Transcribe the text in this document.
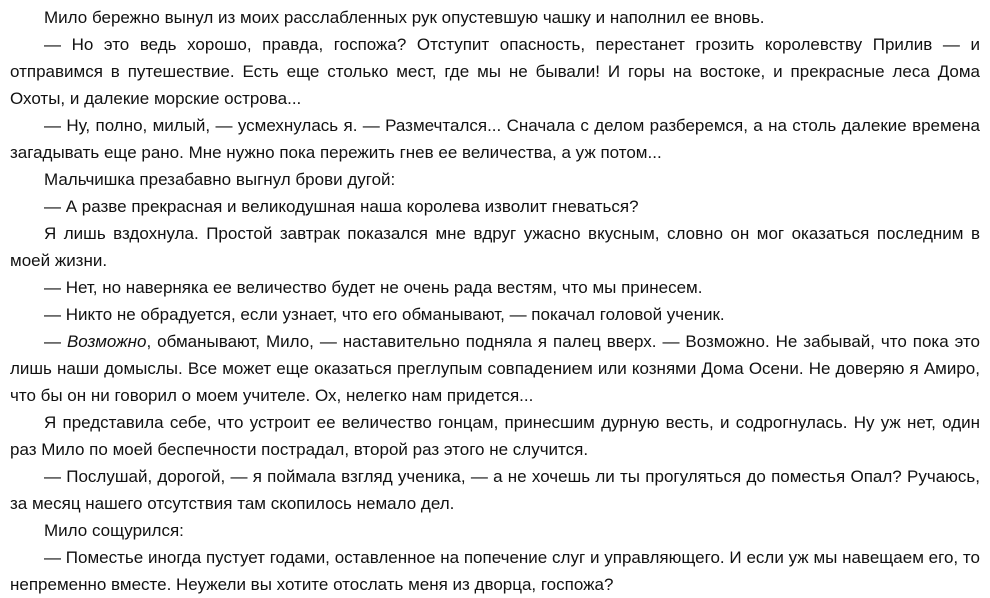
Мило бережно вынул из моих расслабленных рук опустевшую чашку и наполнил ее вновь.

— Но это ведь хорошо, правда, госпожа? Отступит опасность, перестанет грозить королевству Прилив — и отправимся в путешествие. Есть еще столько мест, где мы не бывали! И горы на востоке, и прекрасные леса Дома Охоты, и далекие морские острова...

— Ну, полно, милый, — усмехнулась я. — Размечтался... Сначала с делом разберемся, а на столь далекие времена загадывать еще рано. Мне нужно пока пережить гнев ее величества, а уж потом...

Мальчишка презабавно выгнул брови дугой:

— А разве прекрасная и великодушная наша королева изволит гневаться?

Я лишь вздохнула. Простой завтрак показался мне вдруг ужасно вкусным, словно он мог оказаться последним в моей жизни.

— Нет, но наверняка ее величество будет не очень рада вестям, что мы принесем.

— Никто не обрадуется, если узнает, что его обманывают, — покачал головой ученик.

— Возможно, обманывают, Мило, — наставительно подняла я палец вверх. — Возможно. Не забывай, что пока это лишь наши домыслы. Все может еще оказаться преглупым совпадением или кознями Дома Осени. Не доверяю я Амиро, что бы он ни говорил о моем учителе. Ох, нелегко нам придется...

Я представила себе, что устроит ее величество гонцам, принесшим дурную весть, и содрогнулась. Ну уж нет, один раз Мило по моей беспечности пострадал, второй раз этого не случится.

— Послушай, дорогой, — я поймала взгляд ученика, — а не хочешь ли ты прогуляться до поместья Опал? Ручаюсь, за месяц нашего отсутствия там скопилось немало дел.

Мило сощурился:

— Поместье иногда пустует годами, оставленное на попечение слуг и управляющего. И если уж мы навещаем его, то непременно вместе. Неужели вы хотите отослать меня из дворца, госпожа?
